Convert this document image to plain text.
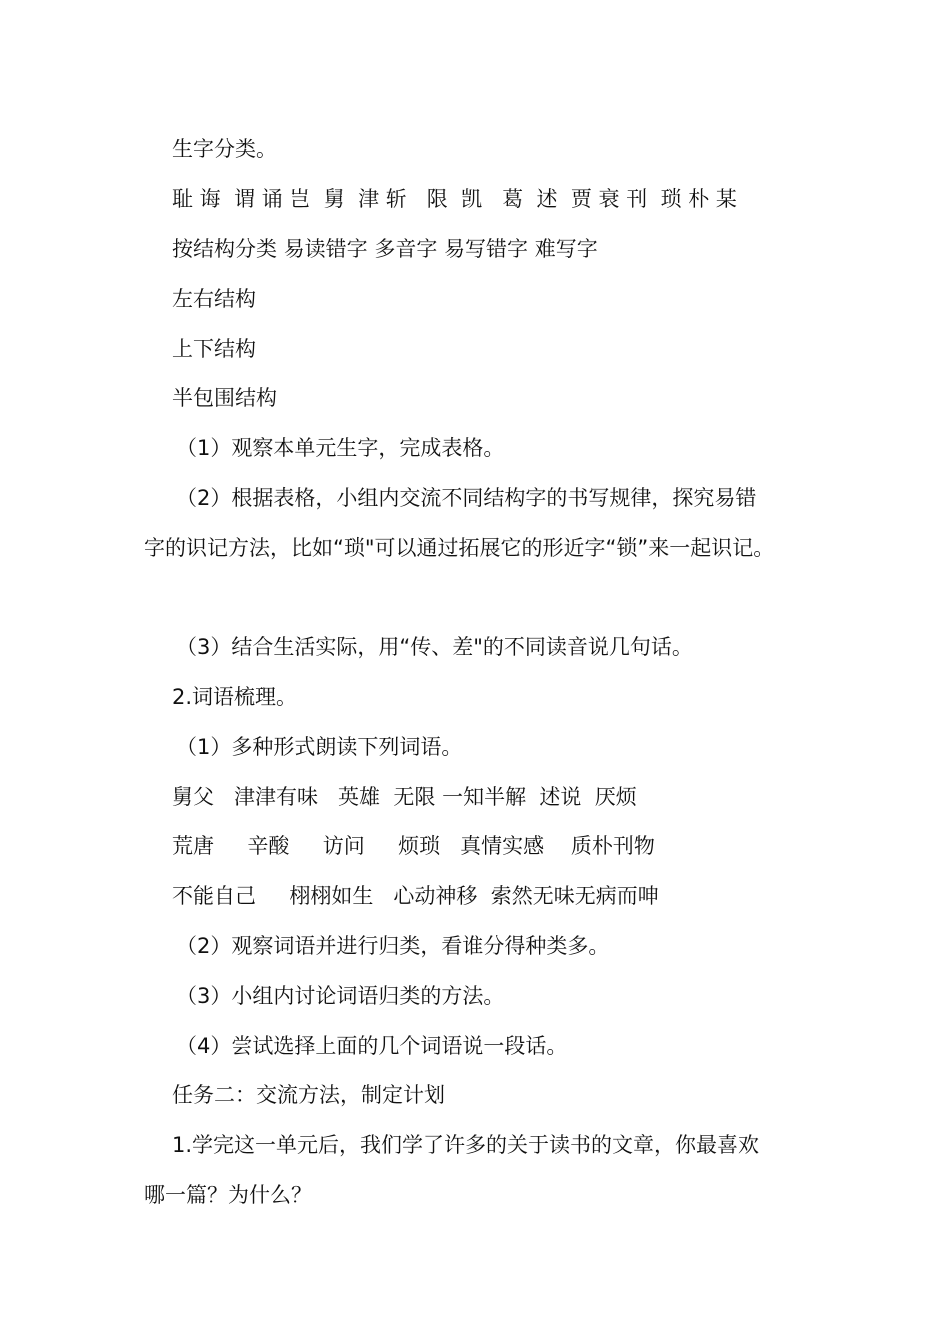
生字分类。

耻 诲  谓 诵 岂  舅  津 斩   限  凯   葛  述  贾 衰 刊  琐 朴 某

按结构分类 易读错字 多音字 易写错字 难写字

左右结构

上下结构

半包围结构

（1）观察本单元生字，完成表格。

（2）根据表格，小组内交流不同结构字的书写规律，探究易错

字的识记方法，比如“琐"可以通过拓展它的形近字“锁”来一起识记。

（3）结合生活实际，用“传、差"的不同读音说几句话。

2.词语梳理。

（1）多种形式朗读下列词语。

舅父   津津有味   英雄  无限 一知半解  述说  厌烦

荒唐     辛酸     访问     烦琐   真情实感    质朴刊物

不能自己     栩栩如生   心动神移  索然无味无病而呻

（2）观察词语并进行归类，看谁分得种类多。

（3）小组内讨论词语归类的方法。

（4）尝试选择上面的几个词语说一段话。

任务二：交流方法，制定计划

1.学完这一单元后，我们学了许多的关于读书的文章，你最喜欢

哪一篇？为什么？
